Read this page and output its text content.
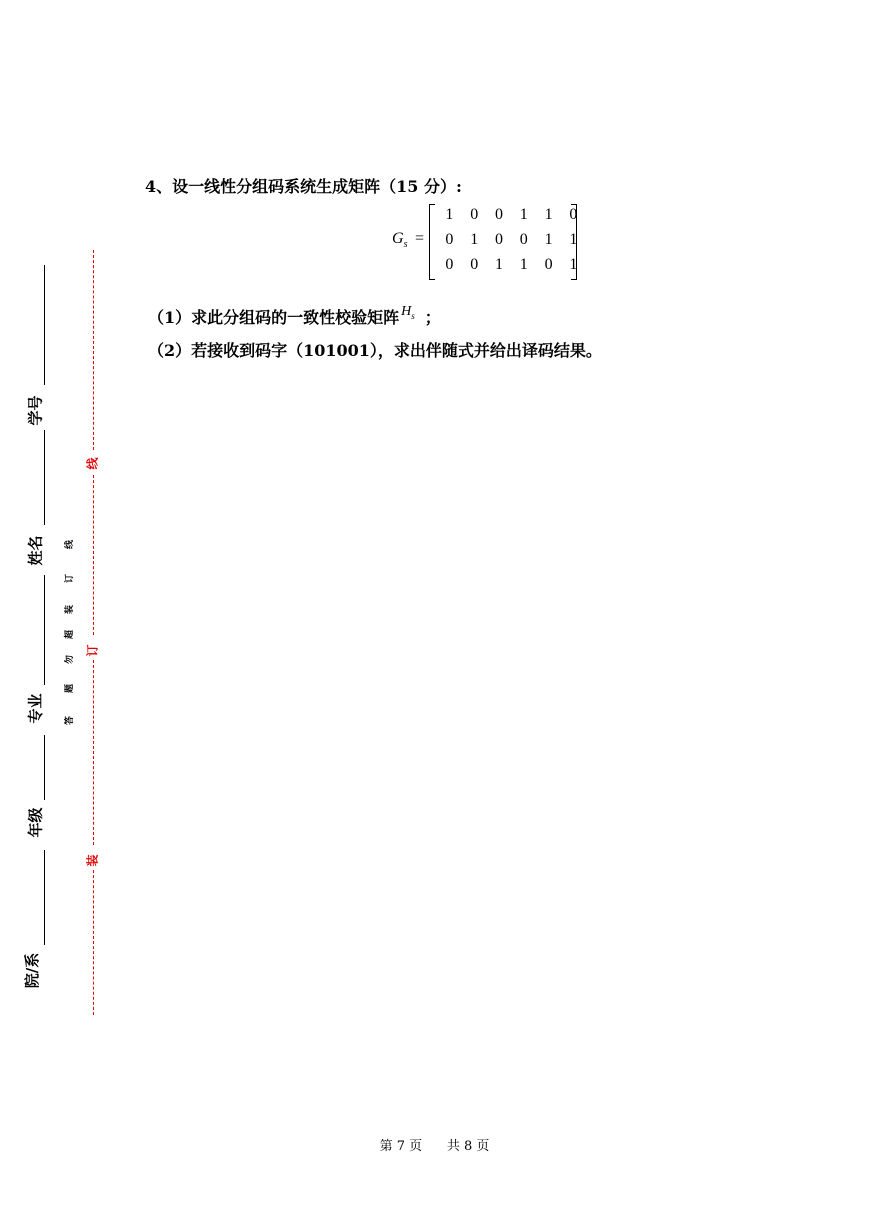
学号
姓名
专业
年级
院/系
线
订
装
线
订
装
超
勿
题
答
4、设一线性分组码系统生成矩阵（15 分）:
$G_s$ =
1	0	0	1	1	0
0	1	0	0	1	1
0	0	1	1	0	1
（1）求此分组码的一致性校验矩阵 $H_s$ ；
（2）若接收到码字（101001），求出伴随式并给出译码结果。
第 7 页      共 8 页
